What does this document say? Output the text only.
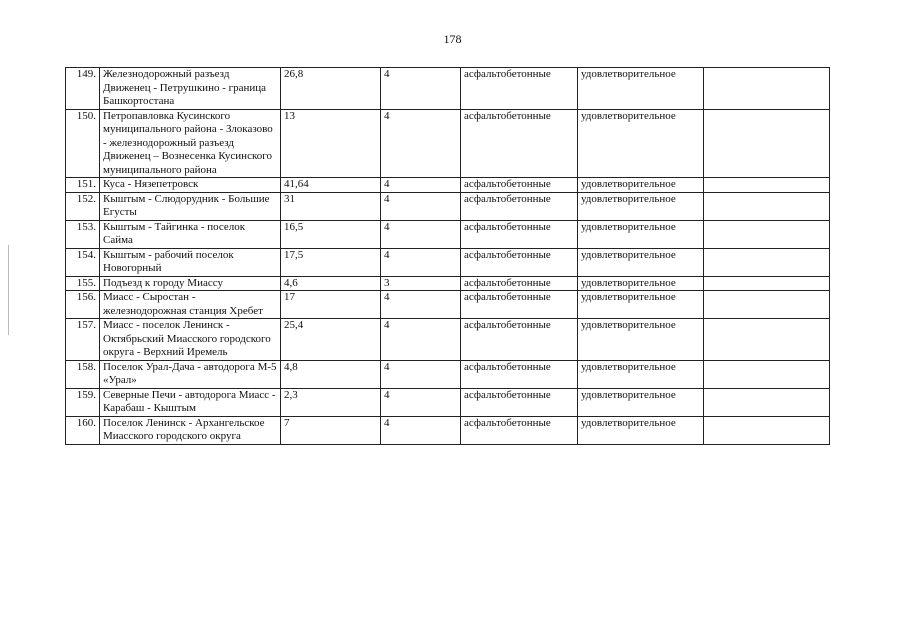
178
149.	Железнодорожный разъезд Движенец - Петрушкино - граница Башкортостана	26,8	4	асфальтобетонные	удовлетворительное	
150.	Петропавловка Кусинского муниципального района - Злоказово - железнодорожный разъезд Движенец – Вознесенка Кусинского муниципального района	13	4	асфальтобетонные	удовлетворительное	
151.	Куса - Нязепетровск	41,64	4	асфальтобетонные	удовлетворительное	
152.	Кыштым - Слюдорудник - Большие Егусты	31	4	асфальтобетонные	удовлетворительное	
153.	Кыштым - Тайгинка - поселок Сайма	16,5	4	асфальтобетонные	удовлетворительное	
154.	Кыштым - рабочий поселок Новогорный	17,5	4	асфальтобетонные	удовлетворительное	
155.	Подъезд к городу Миассу	4,6	3	асфальтобетонные	удовлетворительное	
156.	Миасс - Сыростан - железнодорожная станция Хребет	17	4	асфальтобетонные	удовлетворительное	
157.	Миасс - поселок Ленинск - Октябрьский Миасского городского округа - Верхний Иремель	25,4	4	асфальтобетонные	удовлетворительное	
158.	Поселок Урал-Дача - автодорога М-5 «Урал»	4,8	4	асфальтобетонные	удовлетворительное	
159.	Северные Печи - автодорога Миасс - Карабаш - Кыштым	2,3	4	асфальтобетонные	удовлетворительное	
160.	Поселок Ленинск - Архангельское Миасского городского округа	7	4	асфальтобетонные	удовлетворительное	
